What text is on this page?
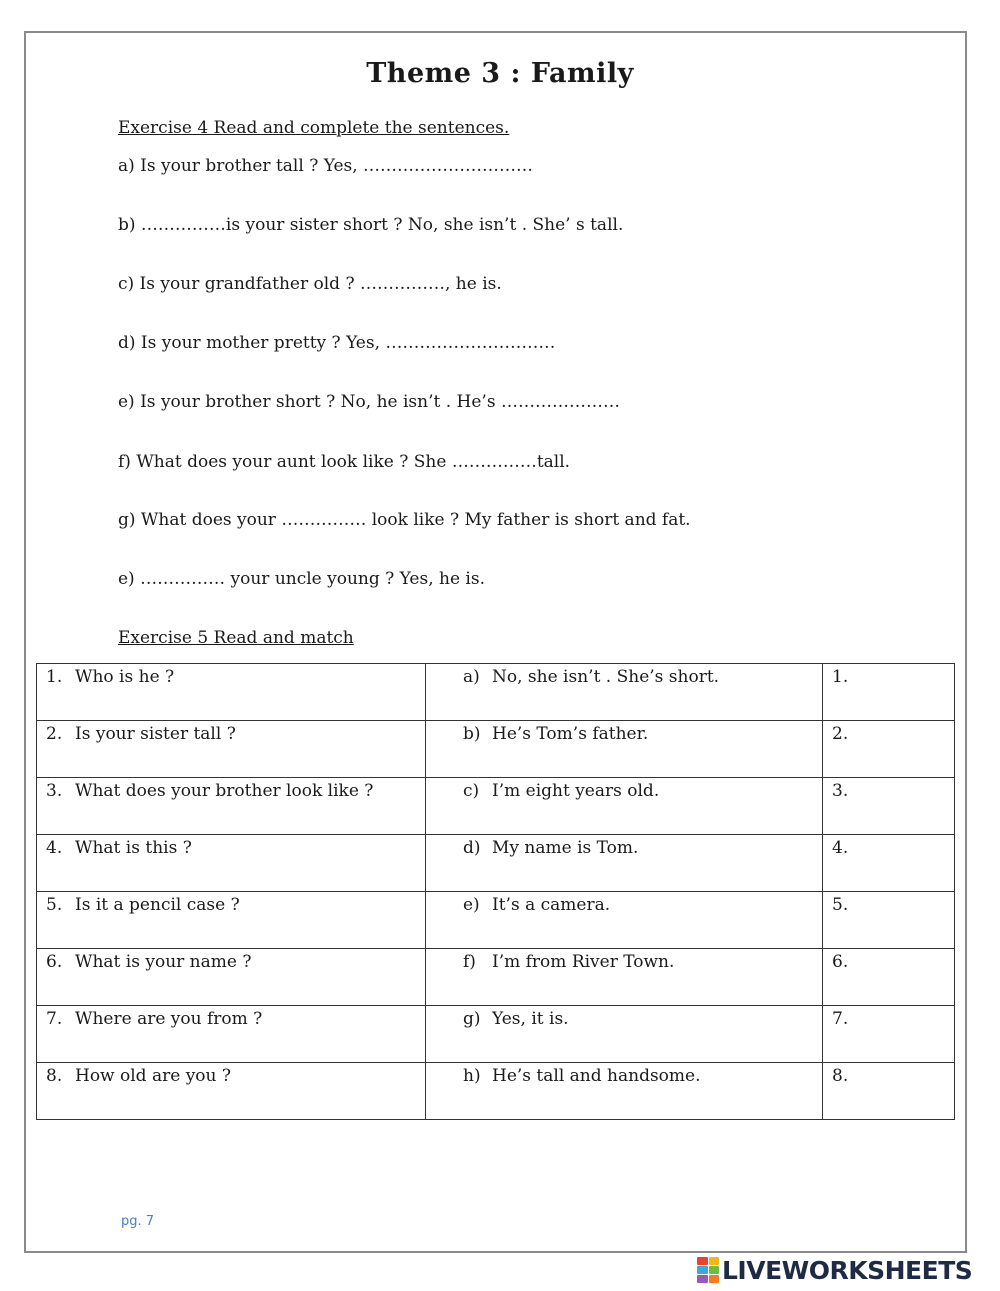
Theme 3 : Family
Exercise 4 Read and complete the sentences.
a) Is your brother tall ? Yes, …………………………
b) ……………is your sister short ? No, she isn’t . She’ s tall.
c) Is your grandfather old ? ……………, he is.
d) Is your mother pretty ? Yes, …………………………
e) Is your brother short ? No, he isn’t . He’s …………………
f) What does your aunt look like ? She ……………tall.
g) What does your …………… look like ? My father is short and fat.
e) …………… your uncle young ? Yes, he is.
Exercise 5 Read and match
1. Who is he ?	a) No, she isn’t . She’s short.	1.
2. Is your sister tall ?	b) He’s Tom’s father.	2.
3. What does your brother look like ?	c) I’m eight years old.	3.
4. What is this ?	d) My name is Tom.	4.
5. Is it a pencil case ?	e) It’s a camera.	5.
6. What is your name ?	f) I’m from River Town.	6.
7. Where are you from ?	g) Yes, it is.	7.
8. How old are you ?	h) He’s tall and handsome.	8.
pg. 7
LIVEWORKSHEETS
